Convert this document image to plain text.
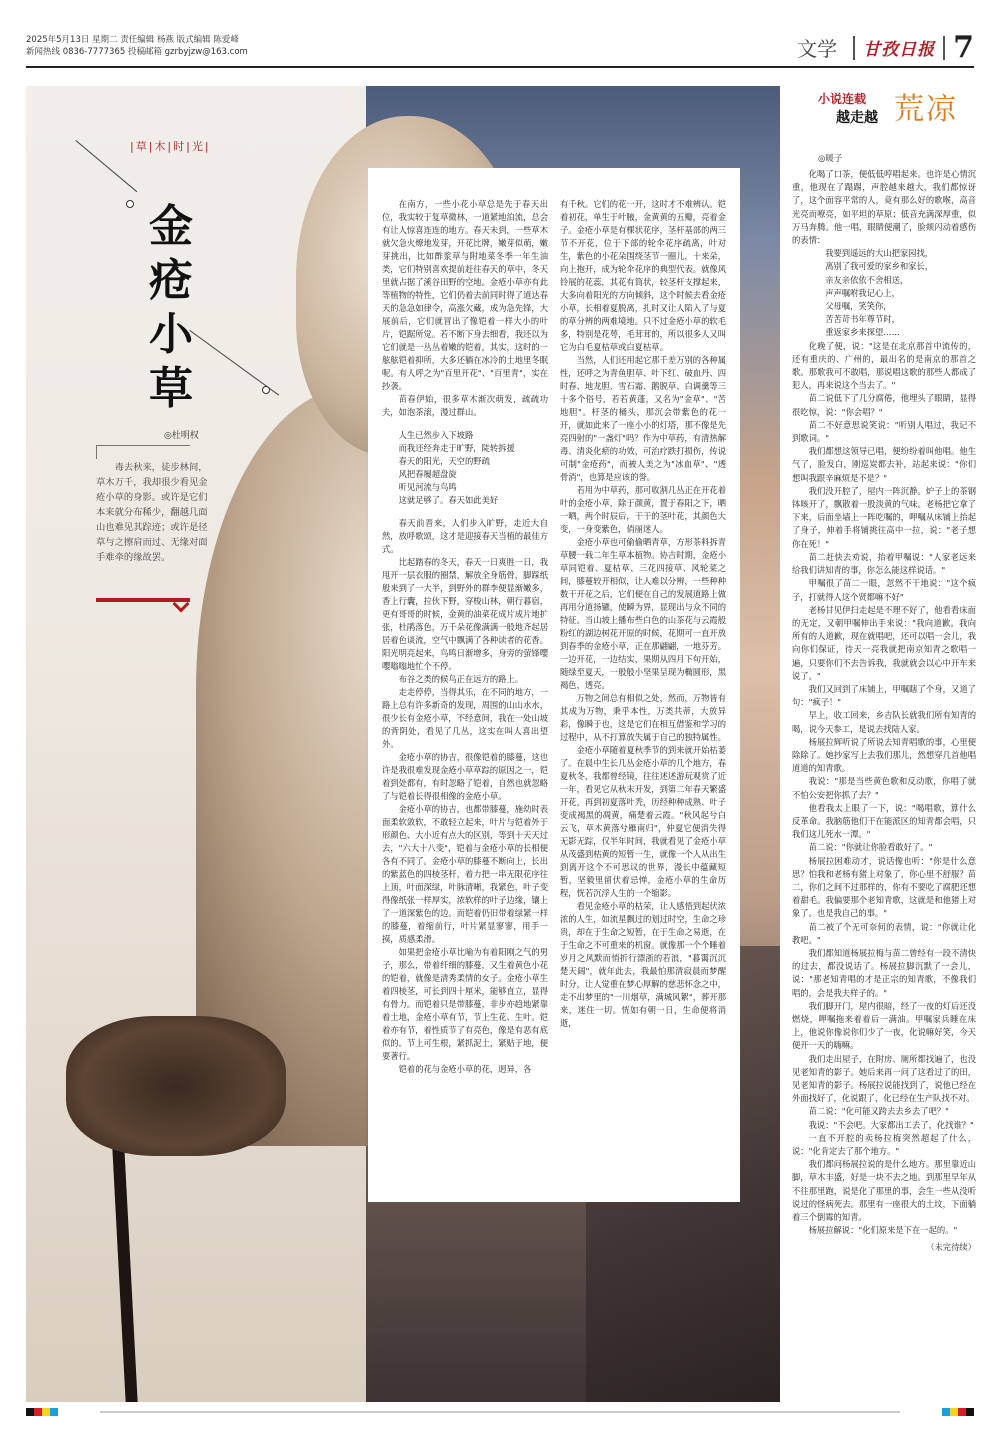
2025年5月13日 星期二 责任编辑 杨燕 版式编辑 陈爱峰
新闻热线 0836-7777365 投稿邮箱 gzrbyjzw@163.com	文学 甘孜日报 7
|草|木|时|光|
金
疮
小
草
◎杜明权
毒去秋来，徒步林间，草木万千，我却很少看见金疮小草的身影。或许是它们本来就分布稀少，翻越几面山也难见其踪迹；或许是径草与之擦肩而过、无缘对面手难牵的缘故罢。

在南方，一些小花小草总是先于春天出位，我实较于复草微林，一道紧地泊流，总会有让人惊喜连连的地方。春天未到，一些草木就欠急火燎地发芽，开花比牌，嫩芽似萌，嫩芽挑出，比如酢浆草与附地菜冬季一年生油类，它们特别喜欢提前赶往春天的草中，冬天里就占据了溪谷田野的空地。金疮小草亦有此等植物的特性，它们仍着去前同时得了道达春天的急急如律令，高涨欠藏，成为急先锋，大展前后，它们就冒出了像铠着一样大小的叶片，铠踞所觉。若不断下身去细看，我还以为它们就是一丛丛着嫩的铠着，其实，这时的一舷舷铠着抑所，大多还躺在冰冷的土地里冬眠呢。有人呼之为"百里开花"、"百里青"，实在抄袭。

苗春伊始，很多草木渐次萌发，疏疏功夫，如泡茶滚，漫过群山。

人生已然步入下坡路
而我还经奔走于旷野，陡转拆援
春天的阳光，天空的野疏
风把春履超盘旋
听见河流与鸟鸣
这就足够了。春天如此美好

春天前晋来，人们步入旷野，走近大自然，放呼歌颂，这才是迎接春天当植的最佳方式。

比起踏春的冬天，春天一日爽胜一日，我甩开一层衣服的圈禁，解放全身筋骨，脚踩纸般来到了一大半，到野外的群李便显渐嫩多，香上行囊，拉伙下野，穿梭山林，朝行暮宿，更有哥哥的时候，金黄的油菜花成片成片地扩张，杜鹃落色，万千朵花像满满一般地齐起居居着色谈流，空气中飘满了各种读者的花香。阳光明亮起来，鸟鸣日渐增多，身旁的萤锋嘤嘤嗡嗡地忙个不停。

布谷之类的候鸟正在远方的路上。

走走停停，当得其乐，在不同的地方，一路上总有许多新奇的发现，周围的山山水水，很少长有金疮小草，不经意间，我在一处山坡的背阴处，看见了几丛，这实在叫人喜出望外。

金疮小草的协吉，很像铠着的膝蔓，这也许是我很难发现金疮小草草踪的原因之一，铠着到处都有，有时忽略了铠着，自然也就忽略了与铠着长得很相像的金疮小草。

金疮小草的协吉，也都带膝蔓，施幼时表面柔软敛软，不敢轻立起来，叶片与铠着外于形颜色、大小近有点大的区别，等到十天天过去，"六大十八变"，铠着与金疮小草的长相便各有不同了。金疮小草的膝蔓不断向上，长出的紫蓝色的四棱茎杆，着力把一串无限花序往上顶，叶面深绿，叶脉清晰，我紧色，叶子变得像纸张一样厚实，浓软样的叶子边缘，镶上了一道深紫色的边。而铠着仍旧带着绿紧一样的膝蔓，着缩前行，叶片紧显寥寥，用手一摸，质感柔滑。

如果把金疮小草比喻为有着阳刚之气的男子，那么，带着纤细的膝蔓，又生着黄色小花的铠着，就像是清秀柔情的女子。金疮小草生着四棱茎，可长到四十厘米，能够直立，显得有骨力。而铠着只是带膝蔓，非步亦趋地紧靠着土地，金疮小草有节，节上生花、生叶。铠着亦有节，着性质节了有亮色，像是有恶有底似的。节上可生根，紧抓泥土，紧贴于地，便要著行。

铠着的花与金疮小草的花，迥异，各

有千秋。它们的花一开，这时才不难辨认。铠着初花，单生于叶腋，金黄黄的五瓣，亮着金子。金疮小草是有棵状花序，茎杆基部的两三节不开花，位于下部的轮伞花序疏离，叶对生，紫色的小花朵围绕茎节一圈儿，十来朵，向上抱开，成为轮伞花序的典型代表。就像风铃展的花蕊，其花有筒状，较茎杆支撑起来，大多向着阳光的方向倾斜，这个时候去看金疮小草，长相着夏脱离，扎时又让人陷入了与夏的草分辨的两难境地。只不过金疮小草的软毛多，特别是花萼，毛茸茸的，所以很多人又叫它为白毛夏枯草或白夏枯草。

当然，人们还用起它那千差万别的各种属性，还呼之为青鱼胆草、叶下红、破血丹、四时春、地龙胆、雪石霜、鹅脱草、白调羹等三十多个俗号，若若黄蓬，又名为"金草"、"苦地胆"。杆茎的桶头，那沉会带紫色的花一开，就如此来了一座小小的灯塔，那不像是先亮四射的"一盏灯"吗？作为中草药，有清热解毒、清炎化瘀的功效，可治疗跌打损伤，传说可制"金疮药"，而被人美之为"冰血草"、"透骨消"，也算是应该的誉。

若用为中草药，那可收割几丛正在开花着叶的金疮小草，除于颜黄，置于春阳之下，晒一晒，两个时辰后，干干的茎叶花，其颜色大变，一身变紫色，俏丽迷人。

金疮小草也可偷偷晒青草，方形茶料拆青草腰一载二年生草本植物。协吉时期，金疮小草同铠着、夏枯草、三花四接草、风轮菜之间，膝蔓较开相似，让人难以分辨，一些种种数干开花之后，它们便在自己的发展道路上做再用分道扬镳，使瞬为界，显现出与众不同的特征。当山坡上播布些白色的山茶花与云霞般粉红的湖边树花开原的时候，花期可一直开放到春季的金疮小草，正在那翩翩，一地芬芳。一边开花，一边结实，果期从四月下旬开始，随绿至夏天，一般般小坚果呈现为椭圆形，黑褐色，透亮。

万物之间总有相似之处，然而，万物皆有其成为万物，秉乎本性，万类共蒂，大放异彩，像瞬于也，这是它们在相互借鉴和学习的过程中，从不打算放失属于自己的独特属性。

金疮小草随着夏秋季节的到来就开始枯萎了。在晨中生长几丛金疮小草的几个地方，春夏秋冬，我都曾经镜，往往述述游玩观赏了近一年，看见它从秋末开发，到第二年春天繁盛开花，再到初夏落叶秃，历经种种成熟、叶子变成褐黑的凋黄，痛楚着云霞。"秋风起兮白云飞，草木黄落兮雁南归"，仲夏它便消失得无影无踪，仅半年时间，我就看见了金疮小草从茂盛到枯黄的短暂一生，就像一个人从出生到离开这个不可思议的世界，漫长中蕴藏短暂，坚毅里留伏着忌惮，金疮小草的生命历程，恍若沉浮人生的一个缩影。

看见金疮小草的枯荣，让人感悟到起伏浓浓的人生，如流星飘过的划过时空，生命之珍贵，却在于生命之短暂，在于生命之易逝，在于生命之不可重来的机窗。就像那一个个睡着岁月之风默而悄折行漂浙的若浪，"暮霭沉沉楚天阔"，就年此去，我最怕那清寂晨而梦醒时分，让人觉重在梦心厚解的慈悲怀念之中，走不出梦里的"一川烟草，满城风絮"，葬开那来，迷住一切。恍如有朝一日，生命便将消逝，

小说连载
越走越 荒凉
◎暖子

化喝了口茶，便低低哼唱起来。也许是心情沉重，他现在了蹋踢，声腔越来越大，我们都惊讶了，这个面容平常的人，竟有那么好的歌喉，高音光亮而嘹亮，如平坦的草原；低音充满深厚重，似万马奔腾。他一唱，眼睛便潮了，脸颊闪动着感伤的表情：

我要到遥远的大山把家园找，

离别了我可爱的家乡和家长，

亲友亲依依不舍相送，

声声嘱咐我记心上，

父母嘱，笑笑你，

苦苦苛书年尊节时，

重返家乡来探望……

化晚了便，说："这是在北京那首中流传的，还有重庆的、广州的，最出名的是南京的那首之歌。那歌我可不敢唱，那说唱这歌的那些人都成了犯人，再来说这个当去了。"

苗二说低下了几分腐倦，他埋头了眼睛，显得很吃惊，说："你会唱？"

苗二不好意思说笑说："听别人唱过，我记不到歌词。"

我们都想这领导已唱，便纷纷着叫他唱。他生气了，脸发白，刚巡炭都去补，站起来说："你们想叫我跟辛麻烦是不是？"

我们没开腔了，屋内一阵沉静。炉子上的茶钢钵咳开了，飘散着一股淡黄的气味。老杨把它拿了下来，后面坐墙上一阵吃嘱的，呷嘱从床铺上抬起了身子，伸着手将铺挑往高中一拉，说："老子想你在死！"

苗二赶快去劝说，抬着甲嘱说："人家老远来给我们讲知青的事，你怎么能这样说话。"

甲嘱很了苗二一眼，忽然不干地说："这个疯子，打就得人这个贤都嘛不好"

老杨甘见伊扫走起是不理不好了，他看看床面的无定，又朝甲嘱伸出手来说："我向道歉。我向所有的人道歉，现在就唱吧，还可以唱一会儿，我向你们保证，待天一亮我就把南京知青之歌唱一遍，只要你们不去告诉我，我就就会以心中开车来说了。"

我们又回到了床铺上，甲嘱瞎了个身，又道了句："疯子！"

早上，收工回来，乡吉队长就我们所有知青的喝，说今天参工，是说去找陆人家。

杨展拉辉听说了所说去知青唱歌的事，心里便除除了。她抄家写上去我们那儿，然想穿几首他唱道道的知青歌。

我说："那是当些黄色歌和反动歌，你唱了就不怕公安把你抓了去？"

他看我太上眼了一下，说："喝唱歌，算什么反革命。我脑筋他们干在能派区的知青都会唱，只我们这儿死水一潭。"

苗二说："你就让你脸看敢好了。"

杨展拉困难动才，说话像也听："你是什么意思？怕我和老杨有猪上对象了，你心里不舒服？苗二，你们之间不过那样的，你有不要吃了腐肥还想着甜毛。我偏要那个老知青歌，这就是和他猪上对象了。也是我自己的事。"

苗二被了个无可奈何的表情，说："你就让化教吧。"

我们都知道杨展拉梅与苗二曾经有一段不清快的过去，都没说话了。杨展拉脚沉默了一会儿，说："那老知青唱的才是正宗的知青歌，不像我们唱的，会是我夫样子的。"

我们脚开门，屋内很暗，经了一夜的灯后还没燃烧，呷嘱拖来着着后一满油。甲嘱家兵睡在床上，他说你像说你们少了一夜，化说嘛好笑，今天便开一天的嗨嘛。

我们走出屋子，在附房、厕所都找遍了，也没见老知青的影子。她后来再一问了这看过了的田，见老知青的影子。杨展拉说能找到了，说他已经在外面找好了，化说跟了，化已经在生产队找不对。

苗二说："化可能又跨去去乡去了吧？"

我说："不会吧。大家都出工去了，化找谁？"

一直不开腔的卖杨拉梅突然超起了什么，说："化肯定去了那个地方。"

我们都问杨展拉说的是什么地方。那里靠近山脚，草木丰盛，好是一块不去之地。到那里早年从不往那里跑，说是化了那里的事，会生一些从没听说过的怪病死去。那里有一座很大的土坟，下面躺着三个倒霉的知青。

杨展拉解说："化们原来是下在一起的。"

（未完待续）
